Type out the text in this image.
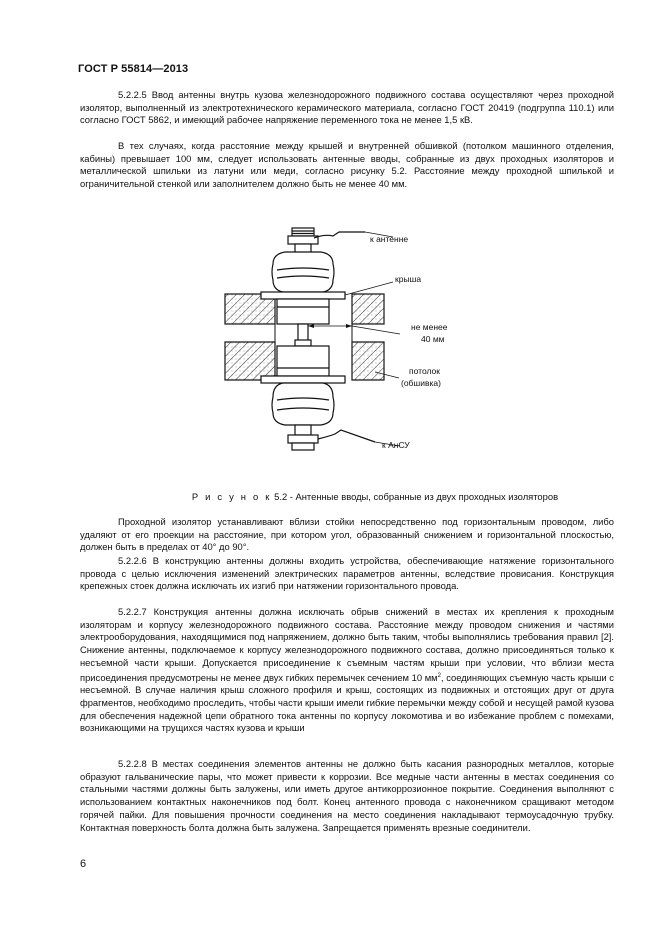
ГОСТ Р 55814—2013
5.2.2.5 Ввод антенны внутрь кузова железнодорожного подвижного состава осуществляют через проходной изолятор, выполненный из электротехнического керамического материала, согласно ГОСТ 20419 (подгруппа 110.1) или согласно ГОСТ 5862, и имеющий рабочее напряжение переменного тока не менее 1,5 кВ.
В тех случаях, когда расстояние между крышей и внутренней обшивкой (потолком машинного отделения, кабины) превышает 100 мм, следует использовать антенные вводы, собранные из двух проходных изоляторов и металлической шпильки из латуни или меди, согласно рисунку 5.2. Расстояние между проходной шпилькой и ограничительной стенкой или заполнителем должно быть не менее 40 мм.
к антенне
крыша
не менее
40 мм
потолок
(обшивка)
к АнСУ
Р и с у н о к 5.2 - Антенные вводы, собранные из двух проходных изоляторов
Проходной изолятор устанавливают вблизи стойки непосредственно под горизонтальным проводом, либо удаляют от его проекции на расстояние, при котором угол, образованный снижением и горизонтальной плоскостью, должен быть в пределах от 40° до 90°.
5.2.2.6 В конструкцию антенны должны входить устройства, обеспечивающие натяжение горизонтального провода с целью исключения изменений электрических параметров антенны, вследствие провисания. Конструкция крепежных стоек должна исключать их изгиб при натяжении горизонтального провода.
5.2.2.7 Конструкция антенны должна исключать обрыв снижений в местах их крепления к проходным изоляторам и корпусу железнодорожного подвижного состава. Расстояние между проводом снижения и частями электрооборудования, находящимися под напряжением, должно быть таким, чтобы выполнялись требования правил [2]. Снижение антенны, подключаемое к корпусу железнодорожного подвижного состава, должно присоединяться только к несъемной части крыши. Допускается присоединение к съемным частям крыши при условии, что вблизи места присоединения предусмотрены не менее двух гибких перемычек сечением 10 $мм^2$, соединяющих съемную часть крыши с несъемной. В случае наличия крыш сложного профиля и крыш, состоящих из подвижных и отстоящих друг от друга фрагментов, необходимо проследить, чтобы части крыши имели гибкие перемычки между собой и несущей рамой кузова для обеспечения надежной цепи обратного тока антенны по корпусу локомотива и во избежание проблем с помехами, возникающими на трущихся частях кузова и крыши
5.2.2.8 В местах соединения элементов антенны не должно быть касания разнородных металлов, которые образуют гальванические пары, что может привести к коррозии. Все медные части антенны в местах соединения со стальными частями должны быть залужены, или иметь другое антикоррозионное покрытие. Соединения выполняют с использованием контактных наконечников под болт. Конец антенного провода с наконечником сращивают методом горячей пайки. Для повышения прочности соединения на место соединения накладывают термоусадочную трубку. Контактная поверхность болта должна быть залужена. Запрещается применять врезные соединители.
6
